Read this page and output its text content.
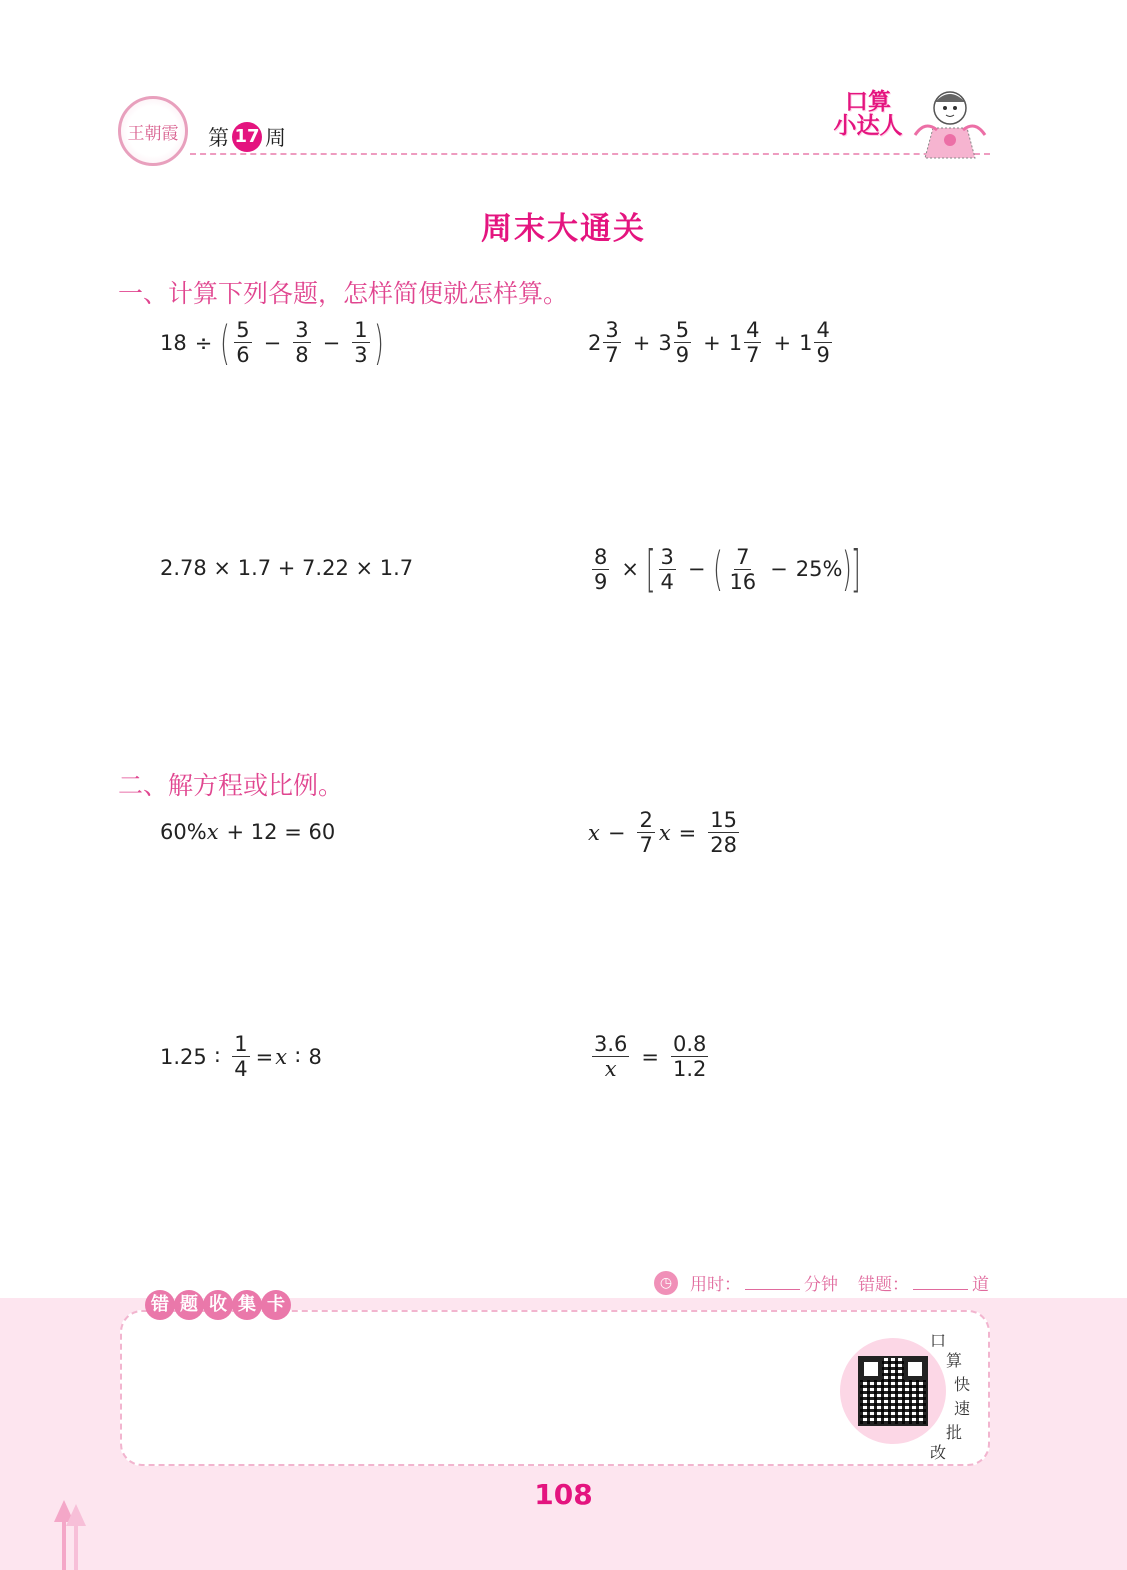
王朝霞 第 17 周
口算
小达人
周末大通关
一、计算下列各题，怎样简便就怎样算。
18 ÷ ( $\frac{5}{6} - \frac{3}{8} - \frac{1}{3}$ )	$2 \frac{3}{7} + 3 \frac{5}{9} + 1 \frac{4}{7} + 1 \frac{4}{9}$
2.78 × 1.7 + 7.22 × 1.7	$\frac{8}{9}$ × [ $\frac{3}{4}$ − ( $\frac{7}{16} - 25\%$ )
]
二、解方程或比例。
60% x + 12 = 60	$x - \frac{2}{7}$ $x = \frac{15}{28}$
1.25 ∶ $\frac{1}{4} = x$ ∶ 8	$\frac{3.6}{x} = \frac{0.8}{1.2}$
◷	用时：	分钟 错题：	道
错 题 收 集 卡
口
算
快
速
批
改
108
